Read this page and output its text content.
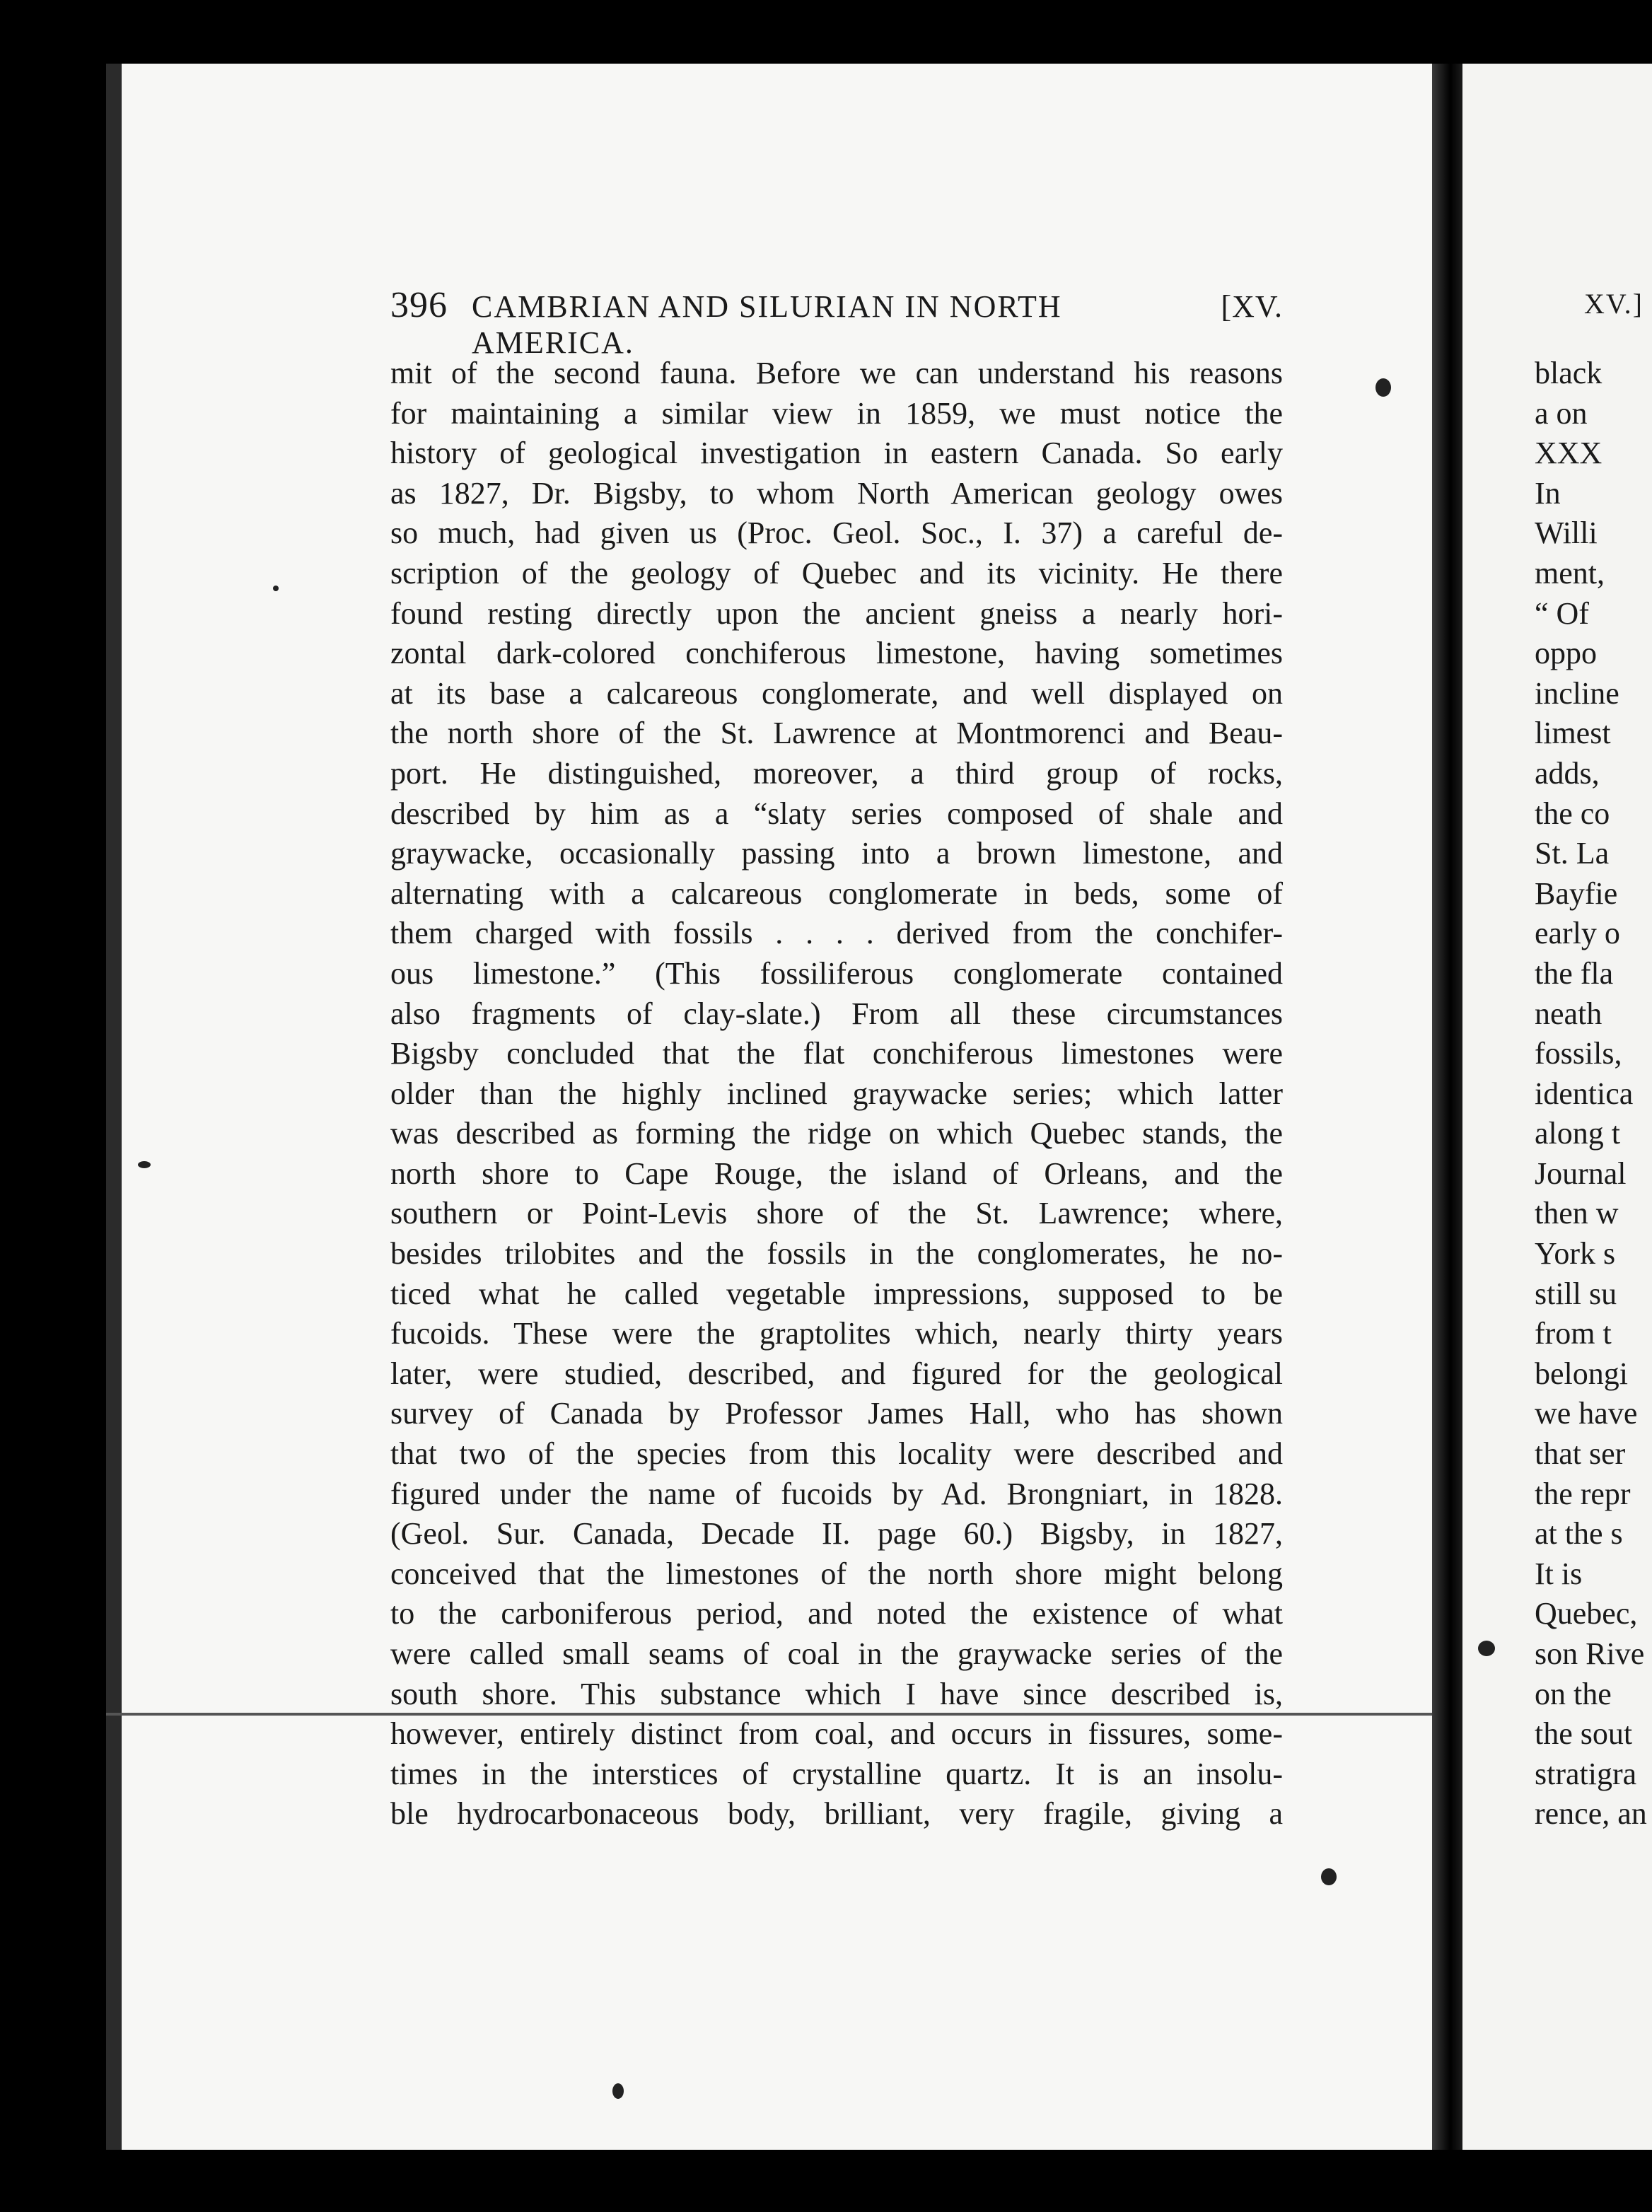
396 CAMBRIAN AND SILURIAN IN NORTH AMERICA.
[XV.
mit of the second fauna. Before we can understand his reasons
for maintaining a similar view in 1859, we must notice the
history of geological investigation in eastern Canada. So early
as 1827, Dr. Bigsby, to whom North American geology owes
so much, had given us (Proc. Geol. Soc., I. 37) a careful de-
scription of the geology of Quebec and its vicinity. He there
found resting directly upon the ancient gneiss a nearly hori-
zontal dark-colored conchiferous limestone, having sometimes
at its base a calcareous conglomerate, and well displayed on
the north shore of the St. Lawrence at Montmorenci and Beau-
port. He distinguished, moreover, a third group of rocks,
described by him as a “slaty series composed of shale and
graywacke, occasionally passing into a brown limestone, and
alternating with a calcareous conglomerate in beds, some of
them charged with fossils . . . . derived from the conchifer-
ous limestone.” (This fossiliferous conglomerate contained
also fragments of clay-slate.) From all these circumstances
Bigsby concluded that the flat conchiferous limestones were
older than the highly inclined graywacke series; which latter
was described as forming the ridge on which Quebec stands, the
north shore to Cape Rouge, the island of Orleans, and the
southern or Point-Levis shore of the St. Lawrence; where,
besides trilobites and the fossils in the conglomerates, he no-
ticed what he called vegetable impressions, supposed to be
fucoids. These were the graptolites which, nearly thirty years
later, were studied, described, and figured for the geological
survey of Canada by Professor James Hall, who has shown
that two of the species from this locality were described and
figured under the name of fucoids by Ad. Brongniart, in 1828.
(Geol. Sur. Canada, Decade II. page 60.) Bigsby, in 1827,
conceived that the limestones of the north shore might belong
to the carboniferous period, and noted the existence of what
were called small seams of coal in the graywacke series of the
south shore. This substance which I have since described is,
however, entirely distinct from coal, and occurs in fissures, some-
times in the interstices of crystalline quartz. It is an insolu-
ble hydrocarbonaceous body, brilliant, very fragile, giving a
XV.]
black
a on
XXX
In
Willi
ment,
“ Of
oppo
incline
limest
adds,
the co
St. La
Bayfie
early o
the fla
neath
fossils,
identica
along t
Journal
then w
York s
still su
from t
belongi
we have
that ser
the repr
at the s
It is
Quebec,
son Rive
on the
the sout
stratigra
rence, an
